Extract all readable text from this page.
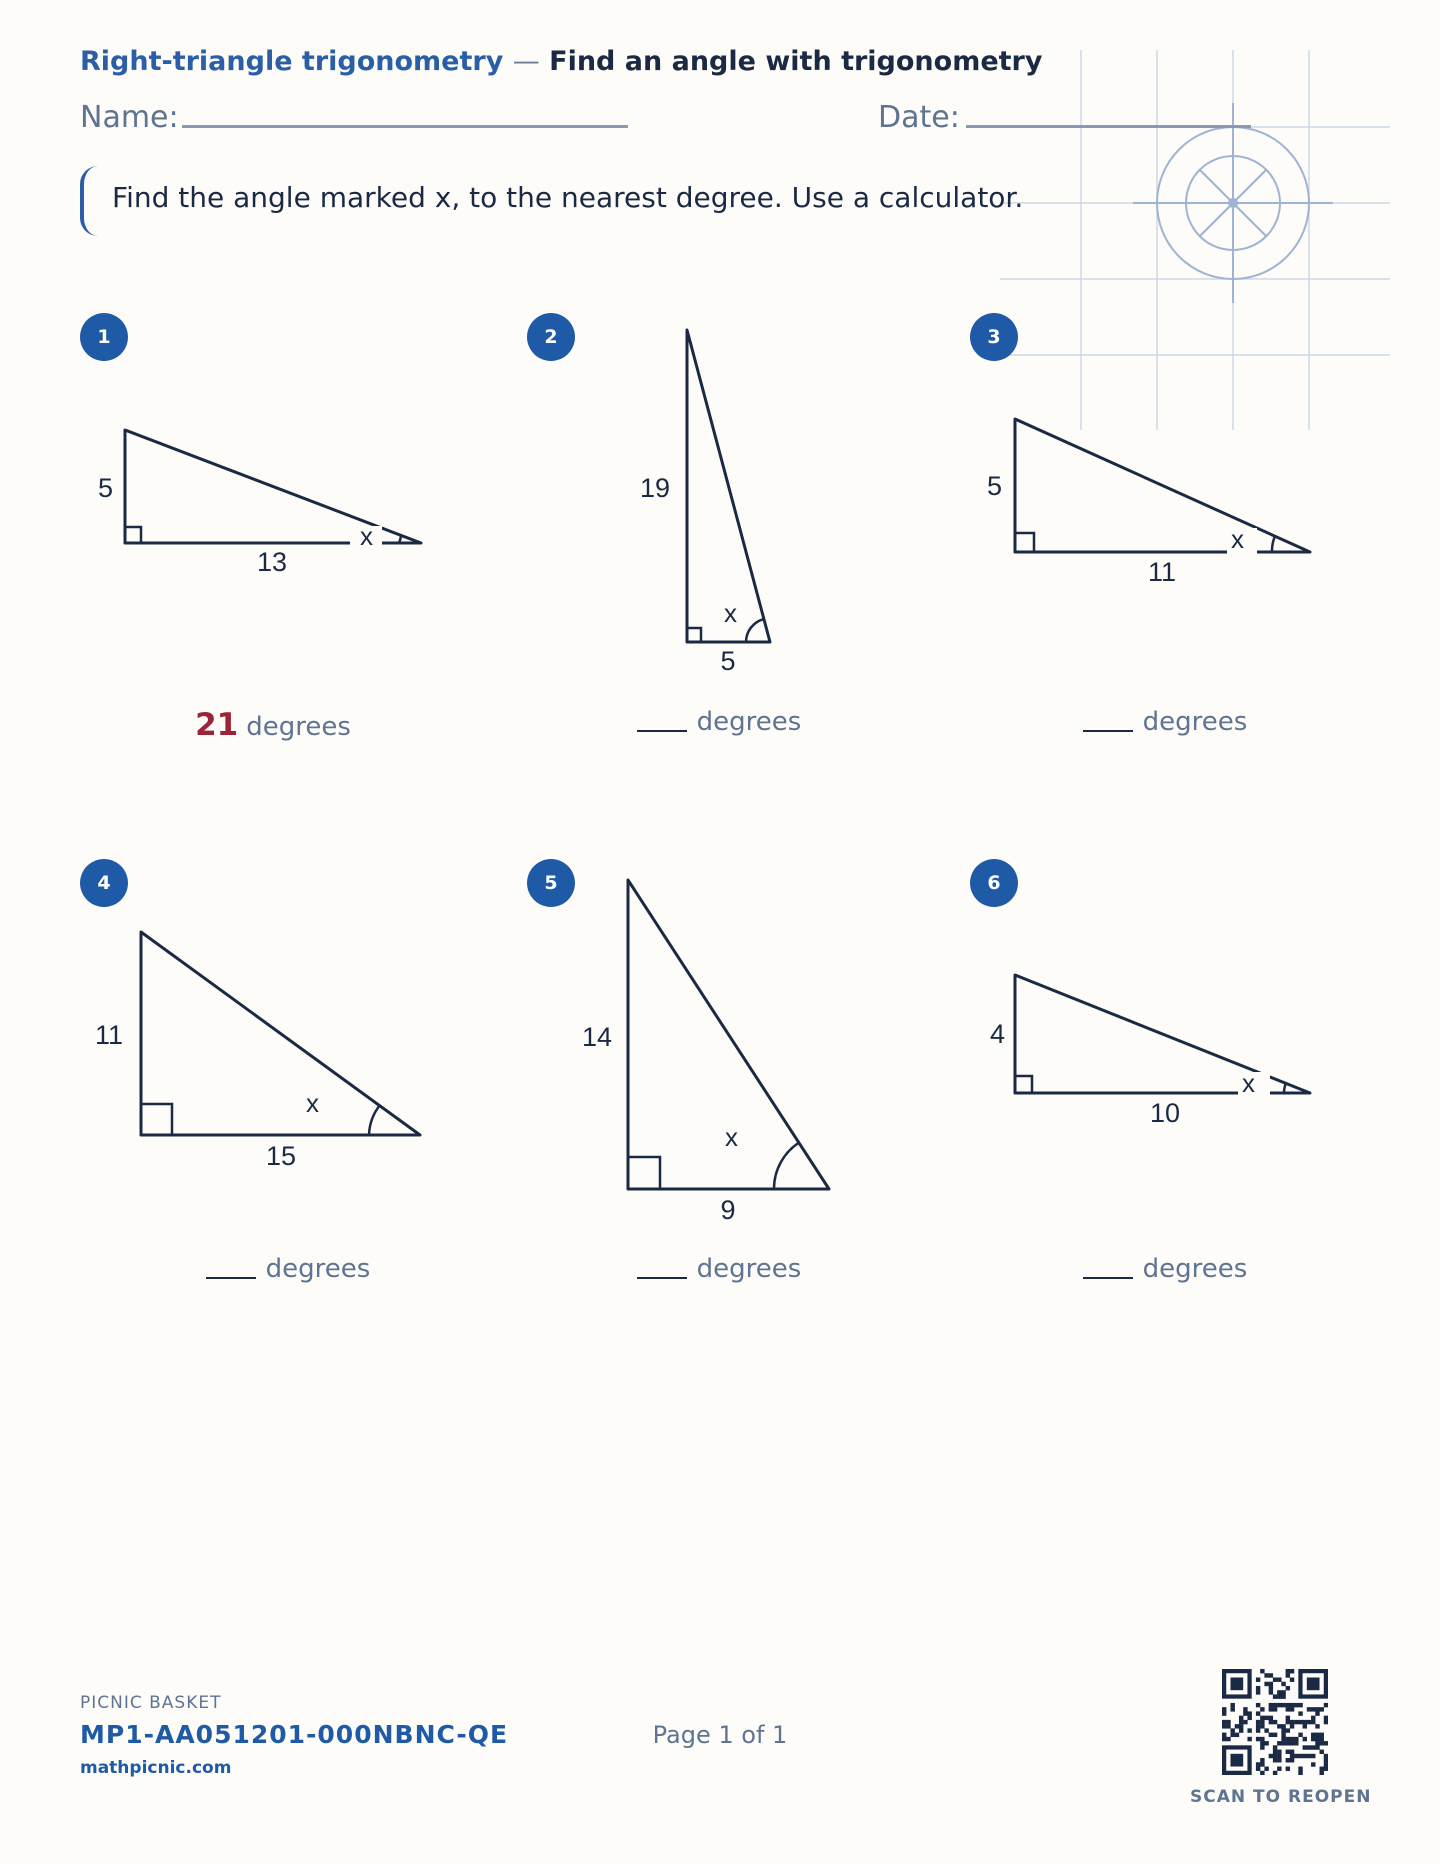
Right-triangle trigonometry — Find an angle with trigonometry
Name:	Date:
Find the angle marked x, to the nearest degree. Use a calculator.
1
x
5
13
21 degrees
2
x
19
5
degrees
3
x
5
11
degrees
4
x
11
15
degrees
5
x
14
9
degrees
6
x
4
10
degrees
PICNIC BASKET
MP1-AA051201-000NBNC-QE
mathpicnic.com
Page 1 of 1
SCAN TO REOPEN
